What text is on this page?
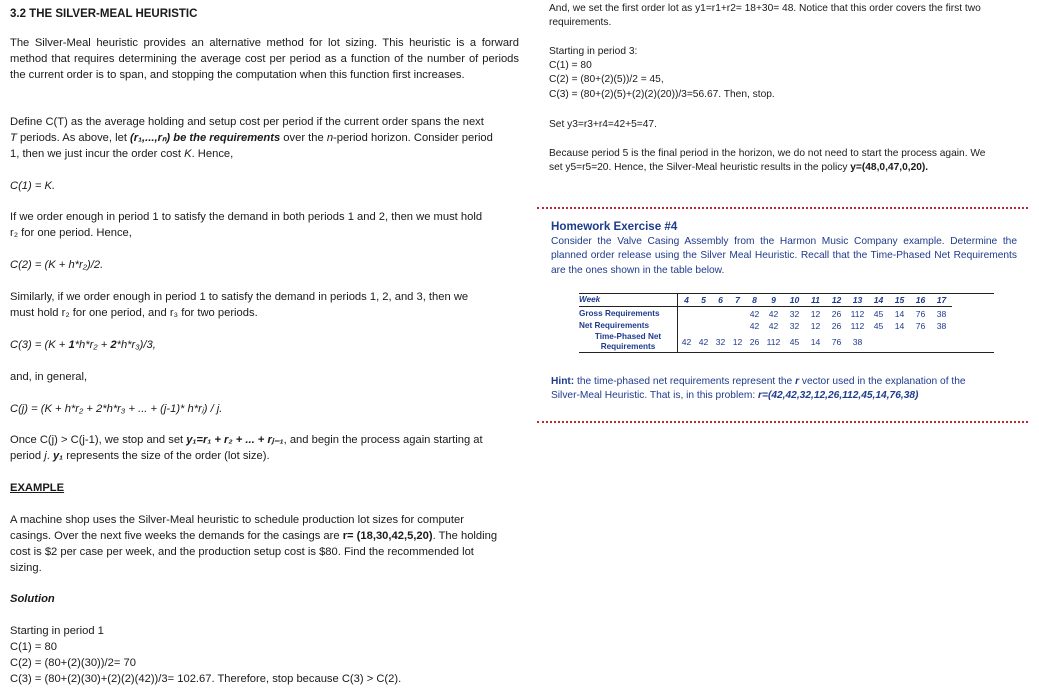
3.2 THE SILVER-MEAL HEURISTIC

The Silver-Meal heuristic provides an alternative method for lot sizing. This heuristic is a forward method that requires determining the average cost per period as a function of the number of periods the current order is to span, and stopping the computation when this function first increases.

Define C(T) as the average holding and setup cost per period if the current order spans the next
T periods. As above, let (r₁,...,rₙ) be the requirements over the n-period horizon. Consider period
1, then we just incur the order cost K. Hence,

C(1) = K.

If we order enough in period 1 to satisfy the demand in both periods 1 and 2, then we must hold
r₂ for one period. Hence,

C(2) = (K + h*r₂)/2.

Similarly, if we order enough in period 1 to satisfy the demand in periods 1, 2, and 3, then we
must hold r₂ for one period, and r₃ for two periods.

C(3) = (K + 1*h*r₂ + 2*h*r₃)/3,

and, in general,

C(j) = (K + h*r₂ + 2*h*r₃ + ... + (j-1)* h*rⱼ) / j.

Once C(j) > C(j-1), we stop and set y₁=r₁ + r₂ + ... + rⱼ₋₁, and begin the process again starting at
period j. y₁ represents the size of the order (lot size).

EXAMPLE

A machine shop uses the Silver-Meal heuristic to schedule production lot sizes for computer
casings. Over the next five weeks the demands for the casings are r= (18,30,42,5,20). The holding
cost is $2 per case per week, and the production setup cost is $80. Find the recommended lot
sizing.

Solution

Starting in period 1
C(1) = 80
C(2) = (80+(2)(30))/2= 70
C(3) = (80+(2)(30)+(2)(2)(42))/3= 102.67. Therefore, stop because C(3) > C(2).

And, we set the first order lot as y1=r1+r2= 18+30= 48. Notice that this order covers the first two
requirements.

Starting in period 3:
C(1) = 80
C(2) = (80+(2)(5))/2 = 45,
C(3) = (80+(2)(5)+(2)(2)(20))/3=56.67. Then, stop.

Set y3=r3+r4=42+5=47.

Because period 5 is the final period in the horizon, we do not need to start the process again. We
set y5=r5=20. Hence, the Silver-Meal heuristic results in the policy y=(48,0,47,0,20).

Homework Exercise #4

Consider the Valve Casing Assembly from the Harmon Music Company example. Determine the planned order release using the Silver Meal Heuristic. Recall that the Time-Phased Net Requirements are the ones shown in the table below.

Hint: the time-phased net requirements represent the r vector used in the explanation of the
Silver-Meal Heuristic. That is, in this problem: r=(42,42,32,12,26,112,45,14,76,38)

Week	4	5	6	7	8	9	10	11	12	13	14	15	16	17
Gross Requirements					42	42	32	12	26	112	45	14	76	38
Net Requirements					42	42	32	12	26	112	45	14	76	38
Time-Phased Net Requirements	42	42	32	12	26	112	45	14	76	38				
